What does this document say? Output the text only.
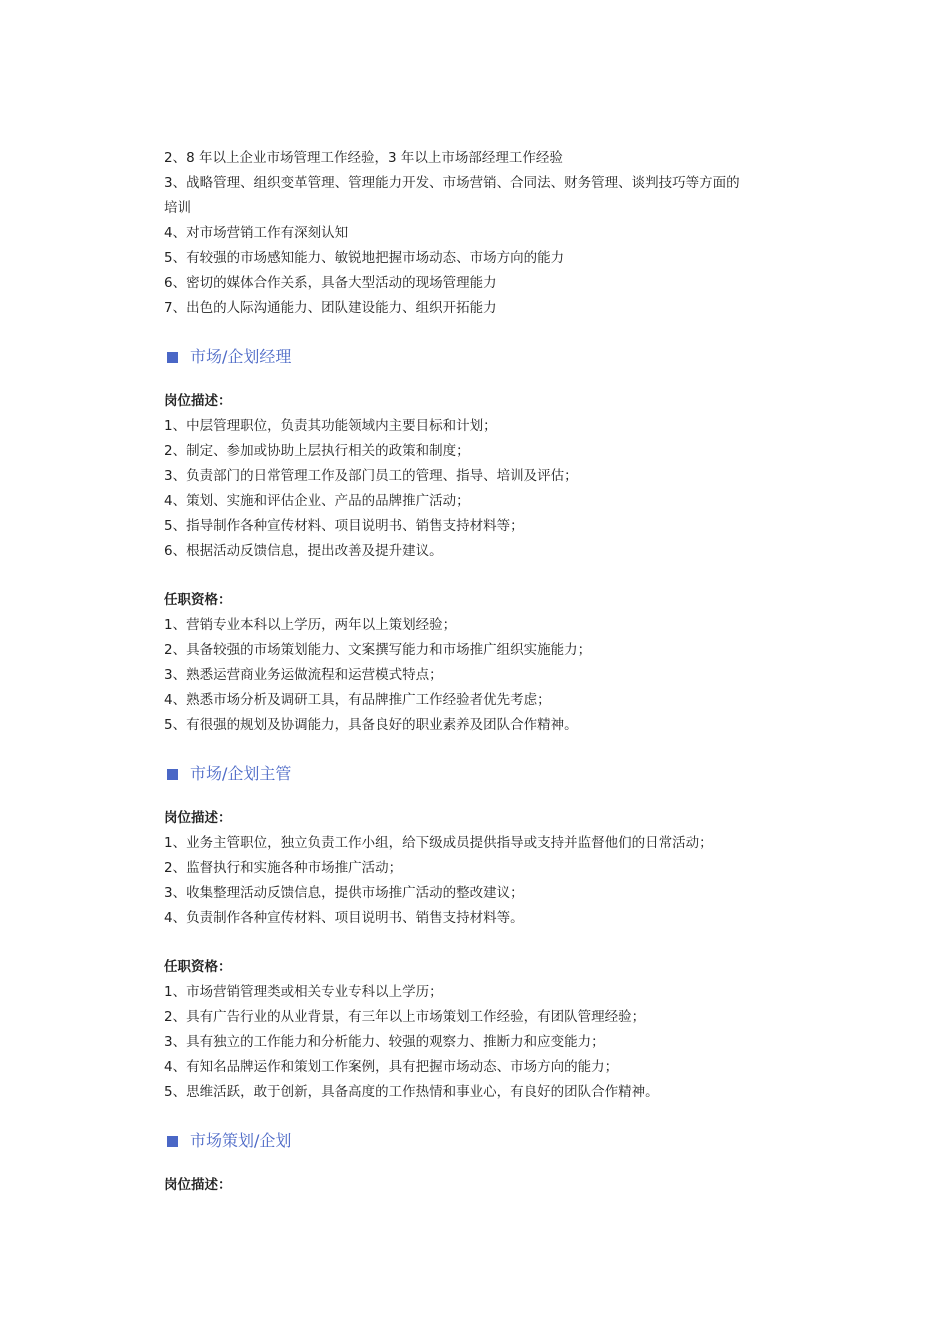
2、8 年以上企业市场管理工作经验，3 年以上市场部经理工作经验
3、战略管理、组织变革管理、管理能力开发、市场营销、合同法、财务管理、谈判技巧等方面的
培训
4、对市场营销工作有深刻认知
5、有较强的市场感知能力、敏锐地把握市场动态、市场方向的能力
6、密切的媒体合作关系，具备大型活动的现场管理能力
7、出色的人际沟通能力、团队建设能力、组织开拓能力
市场/企划经理
岗位描述：
1、中层管理职位，负责其功能领域内主要目标和计划；
2、制定、参加或协助上层执行相关的政策和制度；
3、负责部门的日常管理工作及部门员工的管理、指导、培训及评估；
4、策划、实施和评估企业、产品的品牌推广活动；
5、指导制作各种宣传材料、项目说明书、销售支持材料等；
6、根据活动反馈信息，提出改善及提升建议。
任职资格：
1、营销专业本科以上学历，两年以上策划经验；
2、具备较强的市场策划能力、文案撰写能力和市场推广组织实施能力；
3、熟悉运营商业务运做流程和运营模式特点；
4、熟悉市场分析及调研工具，有品牌推广工作经验者优先考虑；
5、有很强的规划及协调能力，具备良好的职业素养及团队合作精神。
市场/企划主管
岗位描述：
1、业务主管职位，独立负责工作小组，给下级成员提供指导或支持并监督他们的日常活动；
2、监督执行和实施各种市场推广活动；
3、收集整理活动反馈信息，提供市场推广活动的整改建议；
4、负责制作各种宣传材料、项目说明书、销售支持材料等。
任职资格：
1、市场营销管理类或相关专业专科以上学历；
2、具有广告行业的从业背景，有三年以上市场策划工作经验，有团队管理经验；
3、具有独立的工作能力和分析能力、较强的观察力、推断力和应变能力；
4、有知名品牌运作和策划工作案例，具有把握市场动态、市场方向的能力；
5、思维活跃，敢于创新，具备高度的工作热情和事业心，有良好的团队合作精神。
市场策划/企划
岗位描述：
